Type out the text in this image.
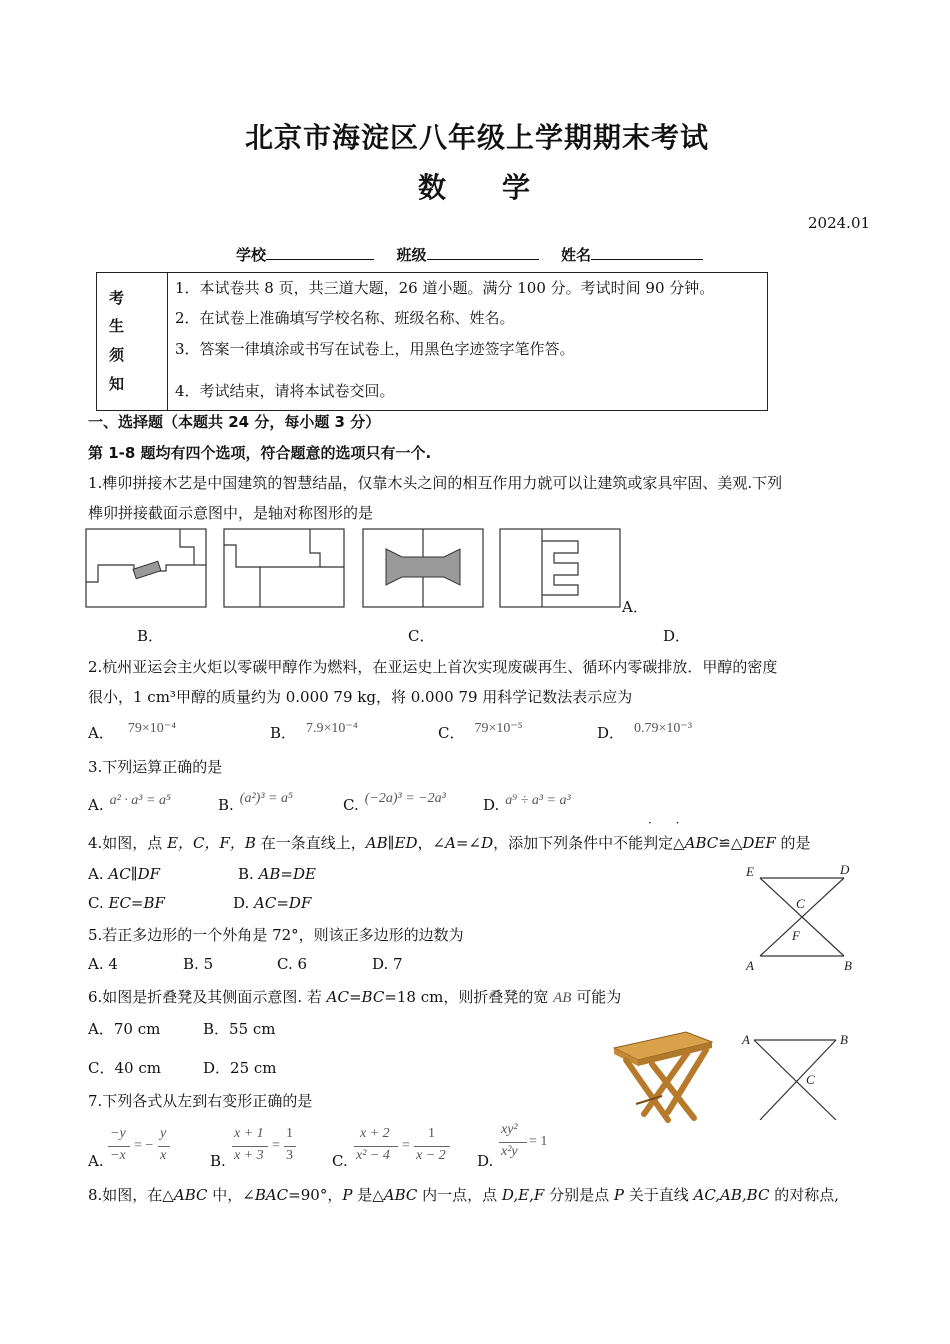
北京市海淀区八年级上学期期末考试
数　　学
2024.01
学校	班级	姓名
考
生
须
知
1．本试卷共 8 页，共三道大题，26 道小题。满分 100 分。考试时间 90 分钟。
2．在试卷上准确填写学校名称、班级名称、姓名。
3．答案一律填涂或书写在试卷上，用黑色字迹签字笔作答。
4．考试结束，请将本试卷交回。
一、选择题（本题共 24 分，每小题 3 分）
第 1-8 题均有四个选项，符合题意的选项只有一个.
1.榫卯拼接木艺是中国建筑的智慧结晶，仅靠木头之间的相互作用力就可以让建筑或家具牢固、美观.下列
榫卯拼接截面示意图中，是轴对称图形的是
A．
B．	C．	D．
2.杭州亚运会主火炬以零碳甲醇作为燃料，在亚运史上首次实现废碳再生、循环内零碳排放．甲醇的密度
很小，1 cm³甲醇的质量约为 0.000 79 kg，将 0.000 79 用科学记数法表示应为
A． 79×10⁻⁴	B． 7.9×10⁻⁴	C． 79×10⁻⁵	D． 0.79×10⁻³
3.下列运算正确的是
A. a² · a³ = a⁵	B. (a²)³ = a⁵	C. (−2a)³ = −2a³ D. a⁹ ÷ a³ = a³
4.如图，点 E，C，F，B 在一条直线上，AB∥ED，∠A=∠D，添加下列条件中不能判定△ABC≌△DEF 的是
· ·
A. AC∥DF	B. AB=DE
C. EC=BF	D. AC=DF
E	D
C
F
A	B
5.若正多边形的一个外角是 72°，则该正多边形的边数为
A. 4	B. 5	C. 6	D. 7
6.如图是折叠凳及其侧面示意图. 若 AC=BC=18 cm，则折叠凳的宽 AB 可能为
A．70 cm	B．55 cm
C．40 cm	D．25 cm
A	B
C
7.下列各式从左到右变形正确的是
A.
−y
−x
= −
y
x	B.
x + 1
x + 3
=
1
3	C.
x + 2
x² − 4
=
1
x − 2 D.
xy²
x²y
= 1
8.如图，在△ABC 中，∠BAC=90°，P 是△ABC 内一点，点 D,E,F 分别是点 P 关于直线 AC,AB,BC 的对称点,
